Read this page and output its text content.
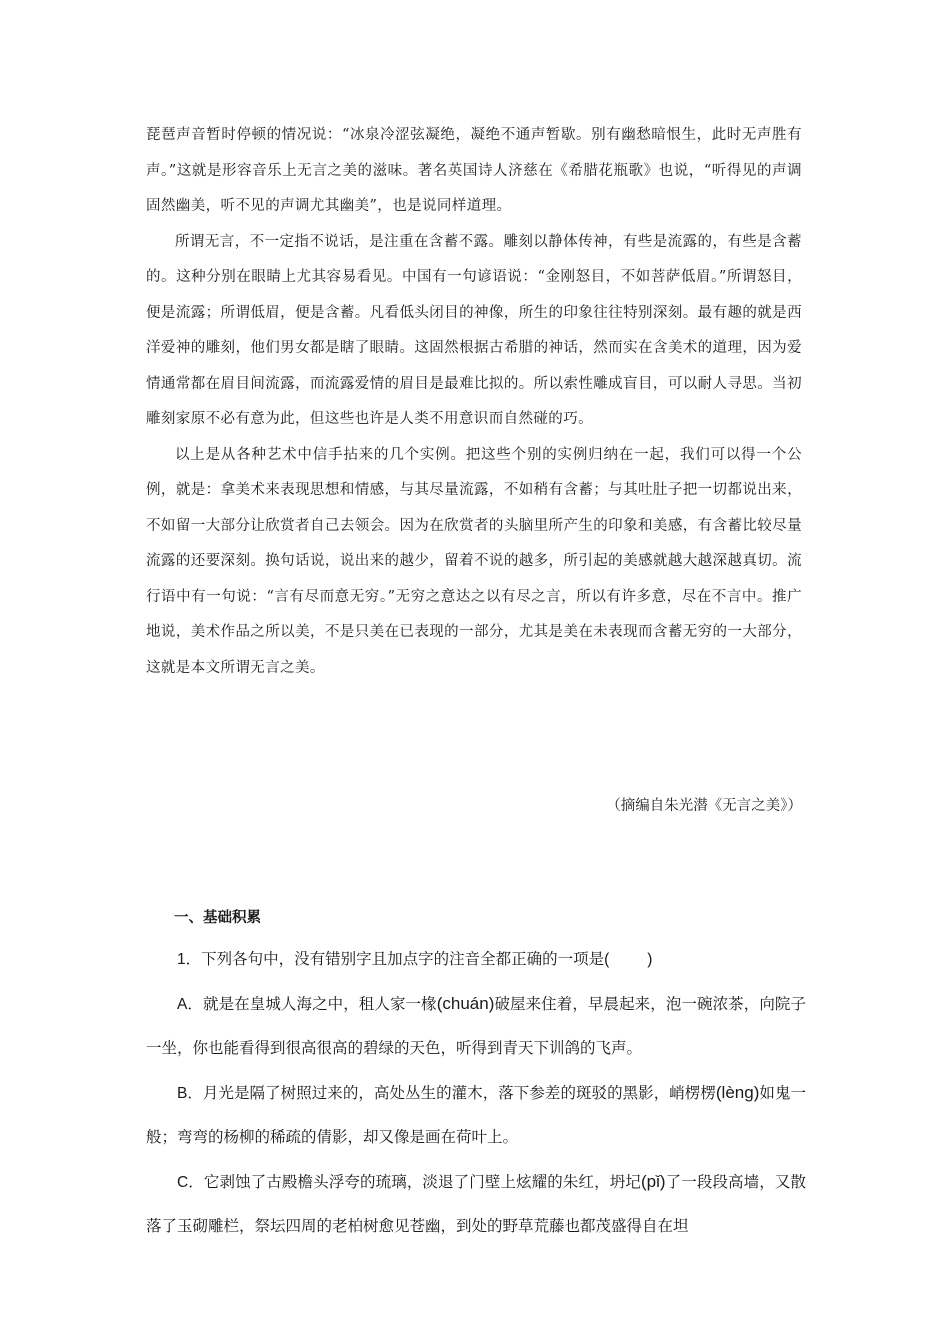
琵琶声音暂时停顿的情况说：“冰泉冷涩弦凝绝，凝绝不通声暂歇。别有幽愁暗恨生，此时无声胜有声。”这就是形容音乐上无言之美的滋味。著名英国诗人济慈在《希腊花瓶歌》也说，“听得见的声调固然幽美，听不见的声调尤其幽美”，也是说同样道理。

所谓无言，不一定指不说话，是注重在含蓄不露。雕刻以静体传神，有些是流露的，有些是含蓄的。这种分别在眼睛上尤其容易看见。中国有一句谚语说：“金刚怒目，不如菩萨低眉。”所谓怒目，便是流露；所谓低眉，便是含蓄。凡看低头闭目的神像，所生的印象往往特别深刻。最有趣的就是西洋爱神的雕刻，他们男女都是瞎了眼睛。这固然根据古希腊的神话，然而实在含美术的道理，因为爱情通常都在眉目间流露，而流露爱情的眉目是最难比拟的。所以索性雕成盲目，可以耐人寻思。当初雕刻家原不必有意为此，但这些也许是人类不用意识而自然碰的巧。

以上是从各种艺术中信手拈来的几个实例。把这些个别的实例归纳在一起，我们可以得一个公例，就是：拿美术来表现思想和情感，与其尽量流露，不如稍有含蓄；与其吐肚子把一切都说出来，不如留一大部分让欣赏者自己去领会。因为在欣赏者的头脑里所产生的印象和美感，有含蓄比较尽量流露的还要深刻。换句话说，说出来的越少，留着不说的越多，所引起的美感就越大越深越真切。流行语中有一句说：“言有尽而意无穷。”无穷之意达之以有尽之言，所以有许多意，尽在不言中。推广地说，美术作品之所以美，不是只美在已表现的一部分，尤其是美在未表现而含蓄无穷的一大部分，这就是本文所谓无言之美。

（摘编自朱光潜《无言之美》）
一、基础积累

1．下列各句中，没有错别字且加点字的注音全都正确的一项是( )

A．就是在皇城人海之中，租人家一椽(chuán)破屋来住着，早晨起来，泡一碗浓茶，向院子一坐，你也能看得到很高很高的碧绿的天色，听得到青天下训鸽的飞声。

B．月光是隔了树照过来的，高处丛生的灌木，落下参差的斑驳的黑影，峭楞楞(lèng)如鬼一般；弯弯的杨柳的稀疏的倩影，却又像是画在荷叶上。

C．它剥蚀了古殿檐头浮夸的琉璃，淡退了门壁上炫耀的朱红，坍圮(pǐ)了一段段高墙，又散落了玉砌雕栏，祭坛四周的老柏树愈见苍幽，到处的野草荒藤也都茂盛得自在坦
